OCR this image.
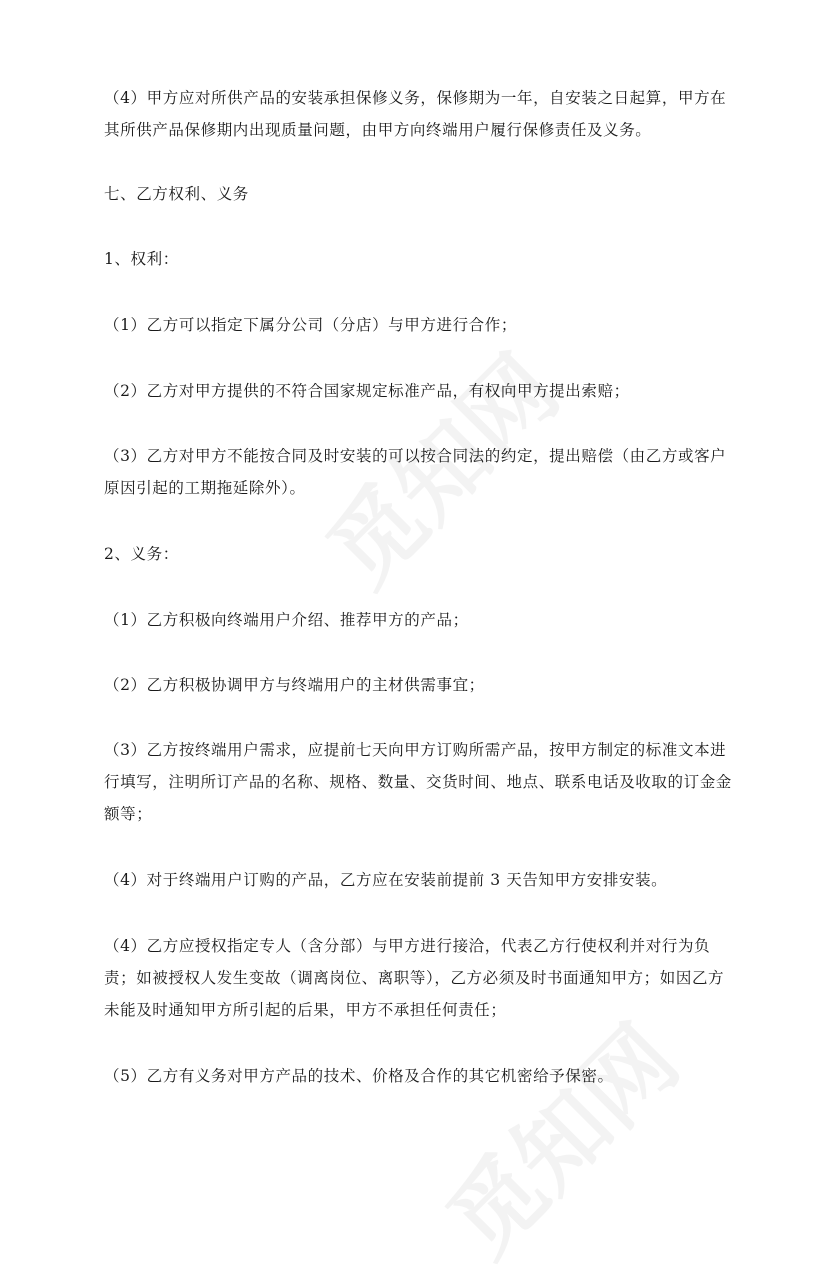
（4）甲方应对所供产品的安装承担保修义务，保修期为一年，自安装之日起算，甲方在其所供产品保修期内出现质量问题，由甲方向终端用户履行保修责任及义务。

七、乙方权利、义务

1、权利：

（1）乙方可以指定下属分公司（分店）与甲方进行合作；

（2）乙方对甲方提供的不符合国家规定标准产品，有权向甲方提出索赔；

（3）乙方对甲方不能按合同及时安装的可以按合同法的约定，提出赔偿（由乙方或客户原因引起的工期拖延除外）。

2、义务：

（1）乙方积极向终端用户介绍、推荐甲方的产品；

（2）乙方积极协调甲方与终端用户的主材供需事宜；

（3）乙方按终端用户需求，应提前七天向甲方订购所需产品，按甲方制定的标准文本进行填写，注明所订产品的名称、规格、数量、交货时间、地点、联系电话及收取的订金金额等；

（4）对于终端用户订购的产品，乙方应在安装前提前 3 天告知甲方安排安装。

（4）乙方应授权指定专人（含分部）与甲方进行接洽，代表乙方行使权利并对行为负责；如被授权人发生变故（调离岗位、离职等），乙方必须及时书面通知甲方；如因乙方未能及时通知甲方所引起的后果，甲方不承担任何责任；

（5）乙方有义务对甲方产品的技术、价格及合作的其它机密给予保密。
